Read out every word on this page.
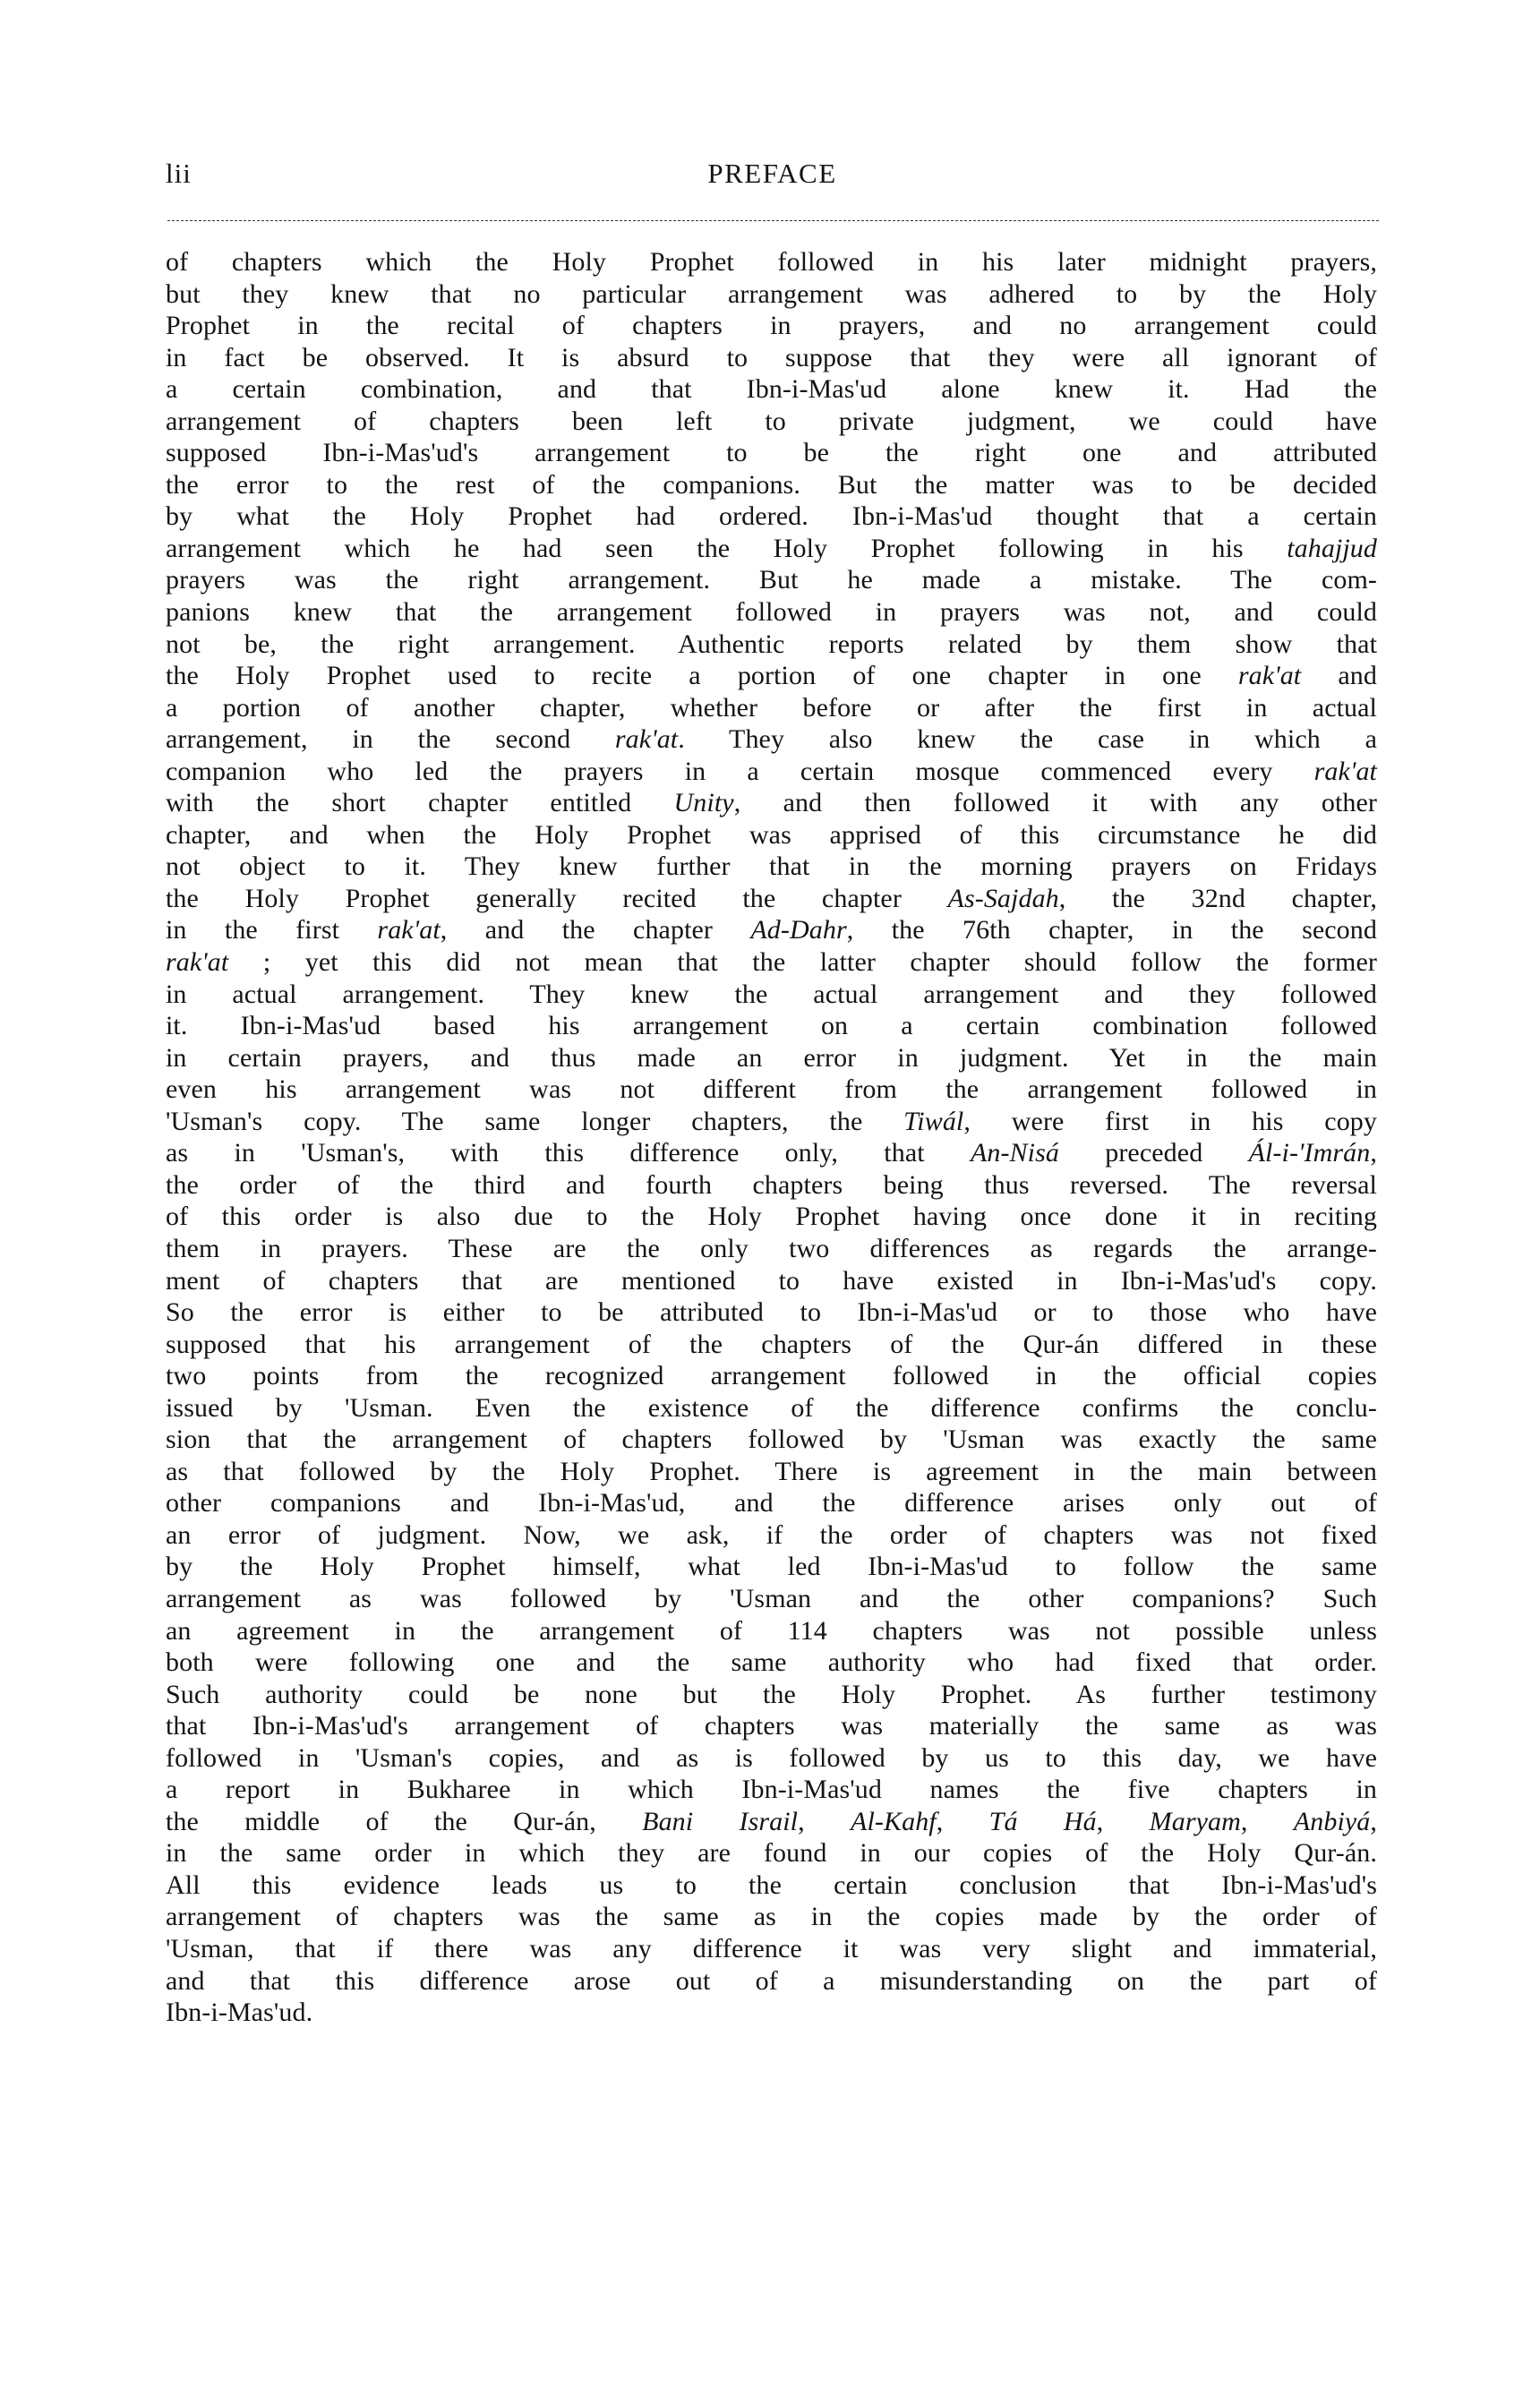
lii	PREFACE
of chapters which the Holy Prophet followed in his later midnight prayers,
but they knew that no particular arrangement was adhered to by the Holy
Prophet in the recital of chapters in prayers, and no arrangement could
in fact be observed. It is absurd to suppose that they were all ignorant of
a certain combination, and that Ibn-i-Mas'ud alone knew it. Had the
arrangement of chapters been left to private judgment, we could have
supposed Ibn-i-Mas'ud's arrangement to be the right one and attributed
the error to the rest of the companions. But the matter was to be decided
by what the Holy Prophet had ordered. Ibn-i-Mas'ud thought that a certain
arrangement which he had seen the Holy Prophet following in his tahajjud
prayers was the right arrangement. But he made a mistake. The com-
panions knew that the arrangement followed in prayers was not, and could
not be, the right arrangement. Authentic reports related by them show that
the Holy Prophet used to recite a portion of one chapter in one rak'at and
a portion of another chapter, whether before or after the first in actual
arrangement, in the second rak'at. They also knew the case in which a
companion who led the prayers in a certain mosque commenced every rak'at
with the short chapter entitled Unity, and then followed it with any other
chapter, and when the Holy Prophet was apprised of this circumstance he did
not object to it. They knew further that in the morning prayers on Fridays
the Holy Prophet generally recited the chapter As-Sajdah, the 32nd chapter,
in the first rak'at, and the chapter Ad-Dahr, the 76th chapter, in the second
rak'at ; yet this did not mean that the latter chapter should follow the former
in actual arrangement. They knew the actual arrangement and they followed
it. Ibn-i-Mas'ud based his arrangement on a certain combination followed
in certain prayers, and thus made an error in judgment. Yet in the main
even his arrangement was not different from the arrangement followed in
'Usman's copy. The same longer chapters, the Tiwál, were first in his copy
as in 'Usman's, with this difference only, that An-Nisá preceded Ál-i-'Imrán,
the order of the third and fourth chapters being thus reversed. The reversal
of this order is also due to the Holy Prophet having once done it in reciting
them in prayers. These are the only two differences as regards the arrange-
ment of chapters that are mentioned to have existed in Ibn-i-Mas'ud's copy.
So the error is either to be attributed to Ibn-i-Mas'ud or to those who have
supposed that his arrangement of the chapters of the Qur-án differed in these
two points from the recognized arrangement followed in the official copies
issued by 'Usman. Even the existence of the difference confirms the conclu-
sion that the arrangement of chapters followed by 'Usman was exactly the same
as that followed by the Holy Prophet. There is agreement in the main between
other companions and Ibn-i-Mas'ud, and the difference arises only out of
an error of judgment. Now, we ask, if the order of chapters was not fixed
by the Holy Prophet himself, what led Ibn-i-Mas'ud to follow the same
arrangement as was followed by 'Usman and the other companions? Such
an agreement in the arrangement of 114 chapters was not possible unless
both were following one and the same authority who had fixed that order.
Such authority could be none but the Holy Prophet. As further testimony
that Ibn-i-Mas'ud's arrangement of chapters was materially the same as was
followed in 'Usman's copies, and as is followed by us to this day, we have
a report in Bukharee in which Ibn-i-Mas'ud names the five chapters in
the middle of the Qur-án, Bani Israil, Al-Kahf, Tá Há, Maryam, Anbiyá,
in the same order in which they are found in our copies of the Holy Qur-án.
All this evidence leads us to the certain conclusion that Ibn-i-Mas'ud's
arrangement of chapters was the same as in the copies made by the order of
'Usman, that if there was any difference it was very slight and immaterial,
and that this difference arose out of a misunderstanding on the part of
Ibn-i-Mas'ud.
